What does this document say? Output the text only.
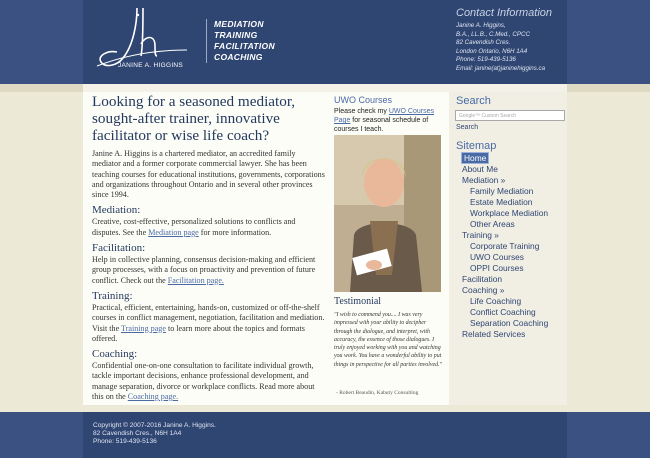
JANINE A. HIGGINS
MEDIATION
TRAINING
FACILITATION
COACHING
Contact Information
Janine A. Higgins,
B.A., LL.B., C.Med., CPCC
82 Cavendish Cres.
London Ontario, N6H 1A4
Phone: 519-439-5136
Email: janine(at)janinehiggins.ca
Looking for a seasoned mediator, sought-after trainer, innovative facilitator or wise life coach?

Janine A. Higgins is a chartered mediator, an accredited family mediator and a former corporate commercial lawyer. She has been teaching courses for educational institutions, governments, corporations and organizations throughout Ontario and in several other provinces since 1994.

Mediation:

Creative, cost-effective, personalized solutions to conflicts and disputes. See the Mediation page for more information.

Facilitation:

Help in collective planning, consensus decision-making and efficient group processes, with a focus on proactivity and prevention of future conflict. Check out the Facilitation page.

Training:

Practical, efficient, entertaining, hands-on, customized or off-the-shelf courses in conflict management, negotiation, facilitation and mediation. Visit the Training page to learn more about the topics and formats offered.

Coaching:

Confidential one-on-one consultation to facilitate individual growth, tackle important decisions, enhance professional development, and manage separation, divorce or workplace conflicts. Read more about this on the Coaching page.

UWO Courses
Please check my UWO Courses Page for seasonal schedule of courses I teach.
Testimonial
"I wish to commend you.... I was very impressed with your ability to decipher through the dialogue, and interpret, with accuracy, the essence of those dialogues. I truly enjoyed working with you and watching you work. You have a wonderful ability to put things in perspective for all parties involved."
- Robert Beaudin, Kabuty Consulting
Search
Google™ Custom Search
Search
Sitemap
Home
About Me
Mediation »
Family Mediation
Estate Mediation
Workplace Mediation
Other Areas
Training »
Corporate Training
UWO Courses
OPPI Courses
Facilitation
Coaching »
Life Coaching
Conflict Coaching
Separation Coaching
Related Services
Copyright © 2007-2016 Janine A. Higgins.
82 Cavendish Cres., N6H 1A4
Phone: 519-439-5136
